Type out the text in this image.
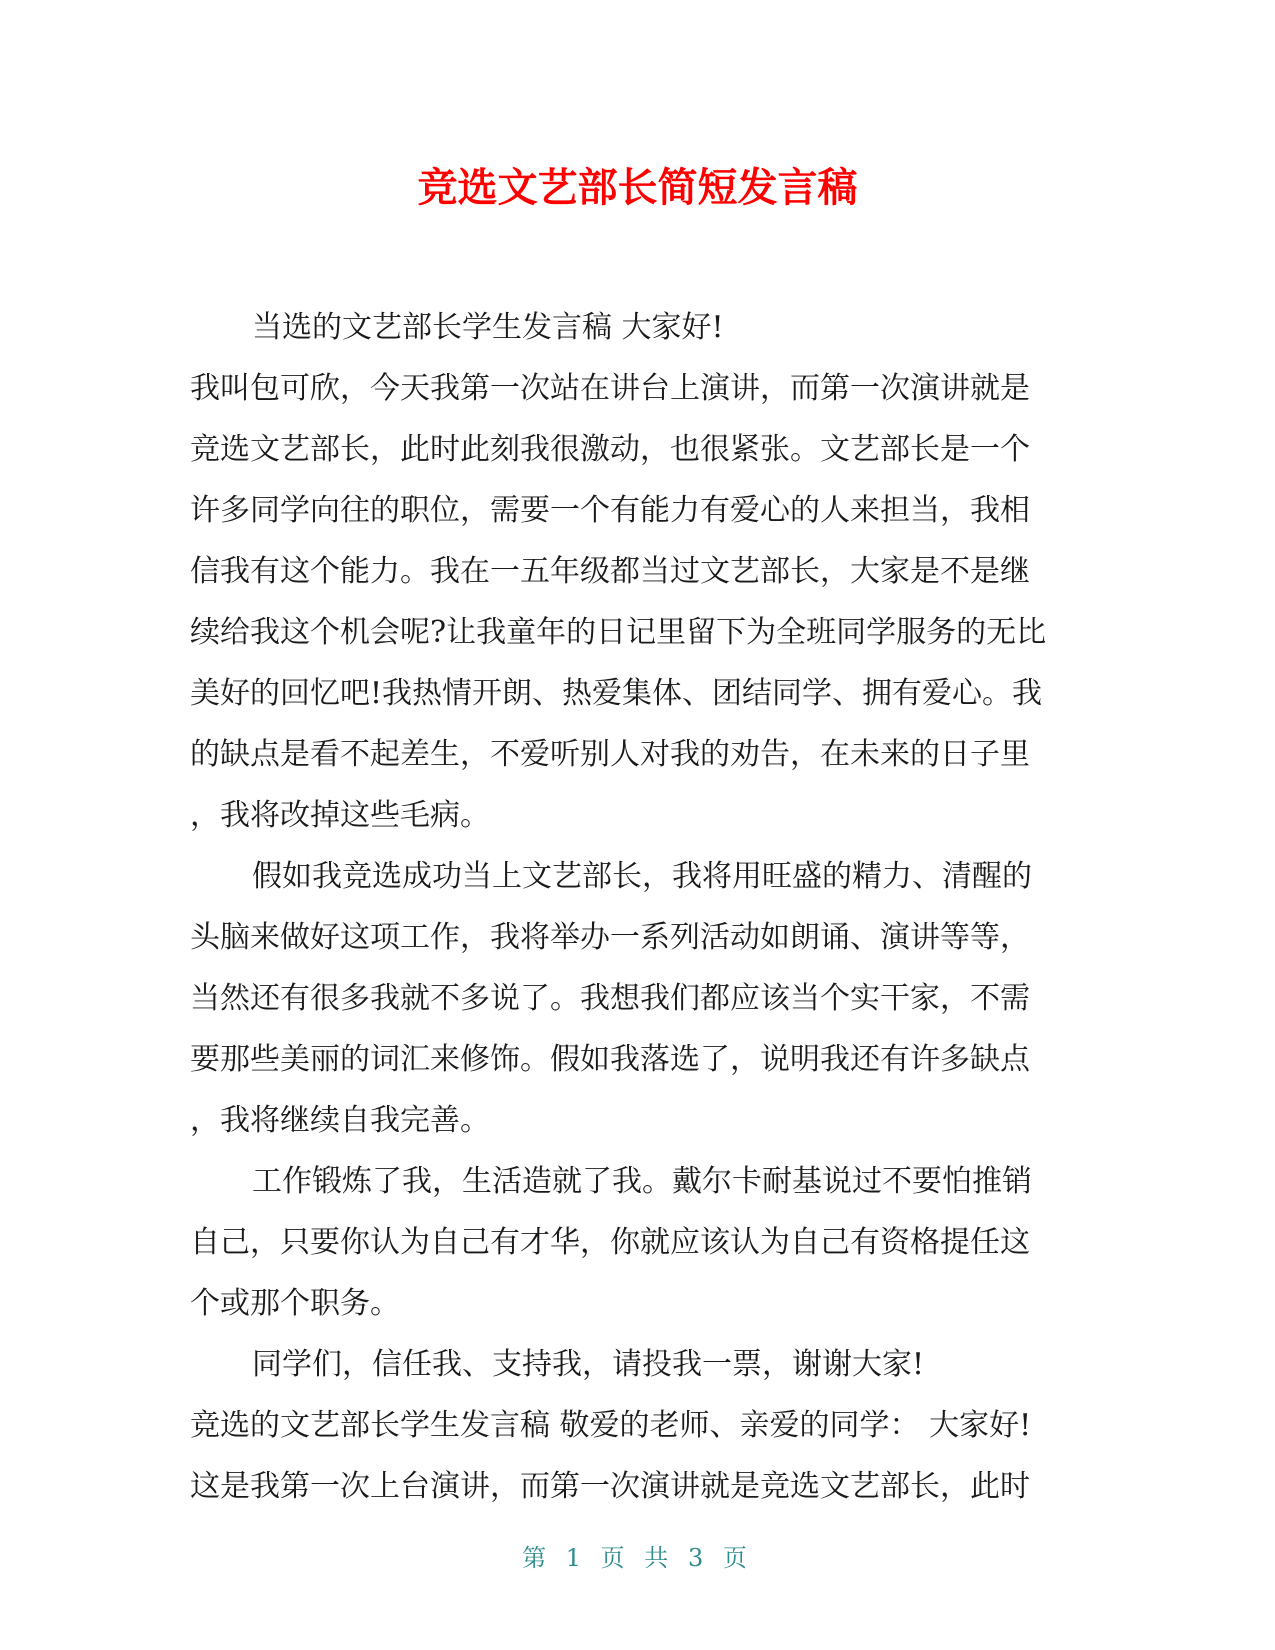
竞选文艺部长简短发言稿
当选的文艺部长学生发言稿 大家好!
我叫包可欣，今天我第一次站在讲台上演讲，而第一次演讲就是
竞选文艺部长，此时此刻我很激动，也很紧张。文艺部长是一个
许多同学向往的职位，需要一个有能力有爱心的人来担当，我相
信我有这个能力。我在一五年级都当过文艺部长，大家是不是继
续给我这个机会呢?让我童年的日记里留下为全班同学服务的无比
美好的回忆吧!我热情开朗、热爱集体、团结同学、拥有爱心。我
的缺点是看不起差生，不爱听别人对我的劝告，在未来的日子里
，我将改掉这些毛病。
假如我竞选成功当上文艺部长，我将用旺盛的精力、清醒的
头脑来做好这项工作，我将举办一系列活动如朗诵、演讲等等，
当然还有很多我就不多说了。我想我们都应该当个实干家，不需
要那些美丽的词汇来修饰。假如我落选了，说明我还有许多缺点
，我将继续自我完善。
工作锻炼了我，生活造就了我。戴尔卡耐基说过不要怕推销
自己，只要你认为自己有才华，你就应该认为自己有资格提任这
个或那个职务。
同学们，信任我、支持我，请投我一票，谢谢大家!
竞选的文艺部长学生发言稿 敬爱的老师、亲爱的同学： 大家好!
这是我第一次上台演讲，而第一次演讲就是竞选文艺部长，此时
第 1 页 共 3 页
